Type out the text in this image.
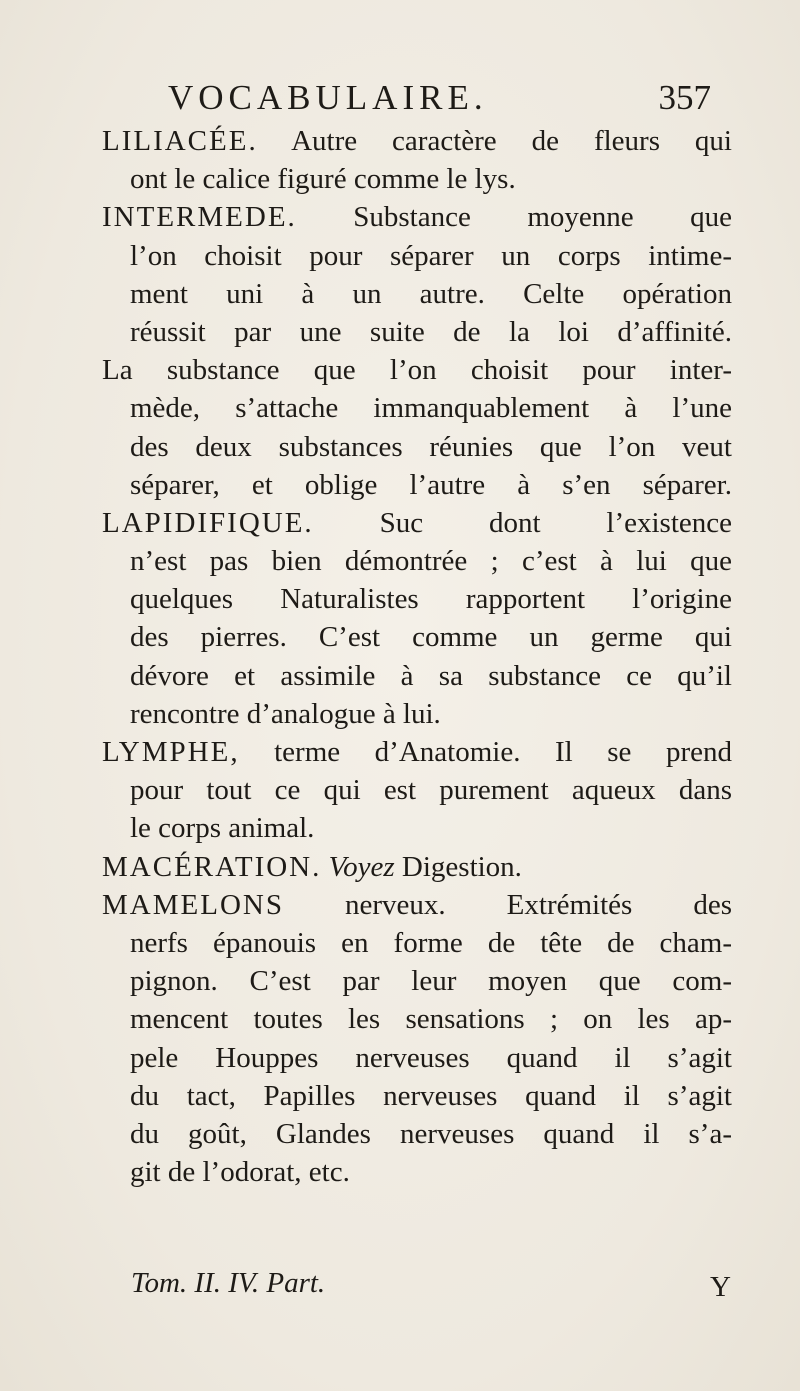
VOCABULAIRE.	357
LILIACÉE. Autre caractère de fleurs qui
ont le calice figuré comme le lys.
INTERMEDE. Substance moyenne que
l’on choisit pour séparer un corps intime-
ment uni à un autre. Celte opération
réussit par une suite de la loi d’affinité.
La substance que l’on choisit pour inter-
mède, s’attache immanquablement à l’une
des deux substances réunies que l’on veut
séparer, et oblige l’autre à s’en séparer.
LAPIDIFIQUE. Suc dont l’existence
n’est pas bien démontrée ; c’est à lui que
quelques Naturalistes rapportent l’origine
des pierres. C’est comme un germe qui
dévore et assimile à sa substance ce qu’il
rencontre d’analogue à lui.
LYMPHE, terme d’Anatomie. Il se prend
pour tout ce qui est purement aqueux dans
le corps animal.
MACÉRATION. Voyez Digestion.
MAMELONS nerveux. Extrémités des
nerfs épanouis en forme de tête de cham-
pignon. C’est par leur moyen que com-
mencent toutes les sensations ; on les ap-
pele Houppes nerveuses quand il s’agit
du tact, Papilles nerveuses quand il s’agit
du goût, Glandes nerveuses quand il s’a-
git de l’odorat, etc.
Tom. II. IV. Part.	Y
